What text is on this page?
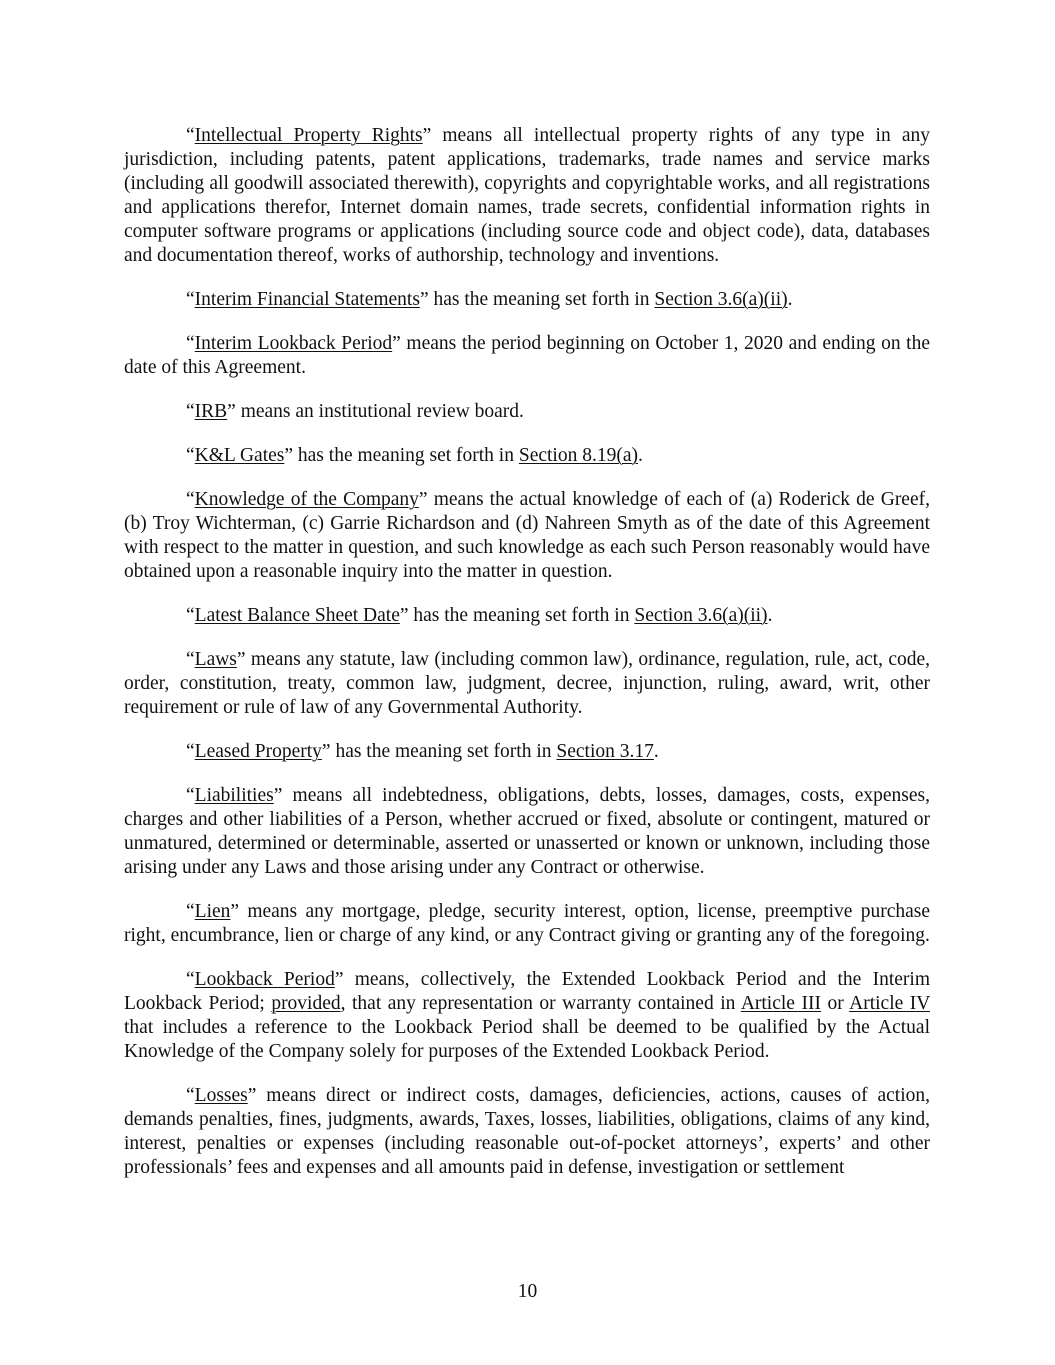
“Intellectual Property Rights” means all intellectual property rights of any type in any jurisdiction, including patents, patent applications, trademarks, trade names and service marks (including all goodwill associated therewith), copyrights and copyrightable works, and all registrations and applications therefor, Internet domain names, trade secrets, confidential information rights in computer software programs or applications (including source code and object code), data, databases and documentation thereof, works of authorship, technology and inventions.

“Interim Financial Statements” has the meaning set forth in Section 3.6(a)(ii).

“Interim Lookback Period” means the period beginning on October 1, 2020 and ending on the date of this Agreement.

“IRB” means an institutional review board.

“K&L Gates” has the meaning set forth in Section 8.19(a).

“Knowledge of the Company” means the actual knowledge of each of (a) Roderick de Greef, (b) Troy Wichterman, (c) Garrie Richardson and (d) Nahreen Smyth as of the date of this Agreement with respect to the matter in question, and such knowledge as each such Person reasonably would have obtained upon a reasonable inquiry into the matter in question.

“Latest Balance Sheet Date” has the meaning set forth in Section 3.6(a)(ii).

“Laws” means any statute, law (including common law), ordinance, regulation, rule, act, code, order, constitution, treaty, common law, judgment, decree, injunction, ruling, award, writ, other requirement or rule of law of any Governmental Authority.

“Leased Property” has the meaning set forth in Section 3.17.

“Liabilities” means all indebtedness, obligations, debts, losses, damages, costs, expenses, charges and other liabilities of a Person, whether accrued or fixed, absolute or contingent, matured or unmatured, determined or determinable, asserted or unasserted or known or unknown, including those arising under any Laws and those arising under any Contract or otherwise.

“Lien” means any mortgage, pledge, security interest, option, license, preemptive purchase right, encumbrance, lien or charge of any kind, or any Contract giving or granting any of the foregoing.

“Lookback Period” means, collectively, the Extended Lookback Period and the Interim Lookback Period; provided, that any representation or warranty contained in Article III or Article IV that includes a reference to the Lookback Period shall be deemed to be qualified by the Actual Knowledge of the Company solely for purposes of the Extended Lookback Period.

“Losses” means direct or indirect costs, damages, deficiencies, actions, causes of action, demands penalties, fines, judgments, awards, Taxes, losses, liabilities, obligations, claims of any kind, interest, penalties or expenses (including reasonable out-of-pocket attorneys’, experts’ and other professionals’ fees and expenses and all amounts paid in defense, investigation or settlement

10
